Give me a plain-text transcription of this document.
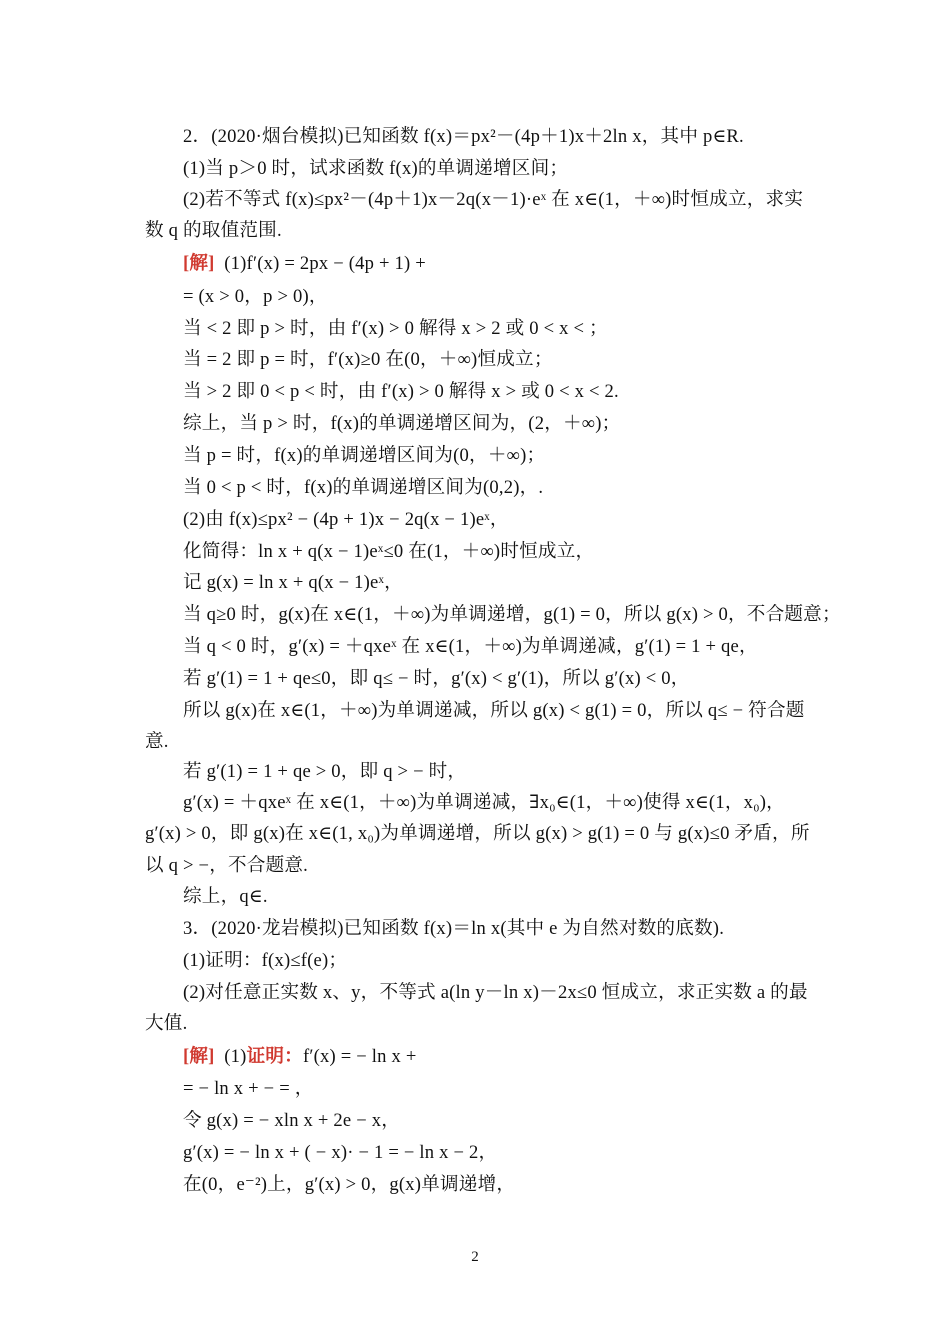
2．(2020·烟台模拟)已知函数 f(x)＝px²－(4p＋1)x＋2ln x，其中 p∈R.
(1)当 p＞0 时，试求函数 f(x)的单调递增区间；
(2)若不等式 f(x)≤px²－(4p＋1)x－2q(x－1)·eˣ 在 x∈(1，＋∞)时恒成立，求实
数 q 的取值范围.
[解] (1)f′(x) = 2px − (4p + 1) +
= (x > 0，p > 0)，
当 < 2 即 p > 时，由 f′(x) > 0 解得 x > 2 或 0 < x < ；
当 = 2 即 p = 时，f′(x)≥0 在(0，＋∞)恒成立；
当 > 2 即 0 < p < 时，由 f′(x) > 0 解得 x > 或 0 < x < 2.
综上，当 p > 时，f(x)的单调递增区间为，(2，＋∞)；
当 p = 时，f(x)的单调递增区间为(0，＋∞)；
当 0 < p < 时，f(x)的单调递增区间为(0,2)，.
(2)由 f(x)≤px² − (4p + 1)x − 2q(x − 1)eˣ，
化简得：ln x + q(x − 1)eˣ≤0 在(1，＋∞)时恒成立，
记 g(x) = ln x + q(x − 1)eˣ，
当 q≥0 时，g(x)在 x∈(1，＋∞)为单调递增，g(1) = 0，所以 g(x) > 0，不合题意；
当 q < 0 时，g′(x) = ＋qxeˣ 在 x∈(1，＋∞)为单调递减，g′(1) = 1 + qe，
若 g′(1) = 1 + qe≤0，即 q≤ − 时，g′(x) < g′(1)，所以 g′(x) < 0，
所以 g(x)在 x∈(1，＋∞)为单调递减，所以 g(x) < g(1) = 0，所以 q≤ − 符合题
意.
若 g′(1) = 1 + qe > 0，即 q > − 时，
g′(x) = ＋qxeˣ 在 x∈(1，＋∞)为单调递减，∃x₀∈(1，＋∞)使得 x∈(1，x₀)，
g′(x) > 0，即 g(x)在 x∈(1, x₀)为单调递增，所以 g(x) > g(1) = 0 与 g(x)≤0 矛盾，所
以 q > −，不合题意.
综上，q∈.
3．(2020·龙岩模拟)已知函数 f(x)＝ln x(其中 e 为自然对数的底数).
(1)证明：f(x)≤f(e)；
(2)对任意正实数 x、y，不等式 a(ln y－ln x)－2x≤0 恒成立，求正实数 a 的最
大值.
[解] (1)证明：f′(x) = − ln x +
= − ln x + − = ，
令 g(x) = − xln x + 2e − x，
g′(x) = − ln x + ( − x)· − 1 = − ln x − 2，
在(0，e⁻²)上，g′(x) > 0，g(x)单调递增，
2
